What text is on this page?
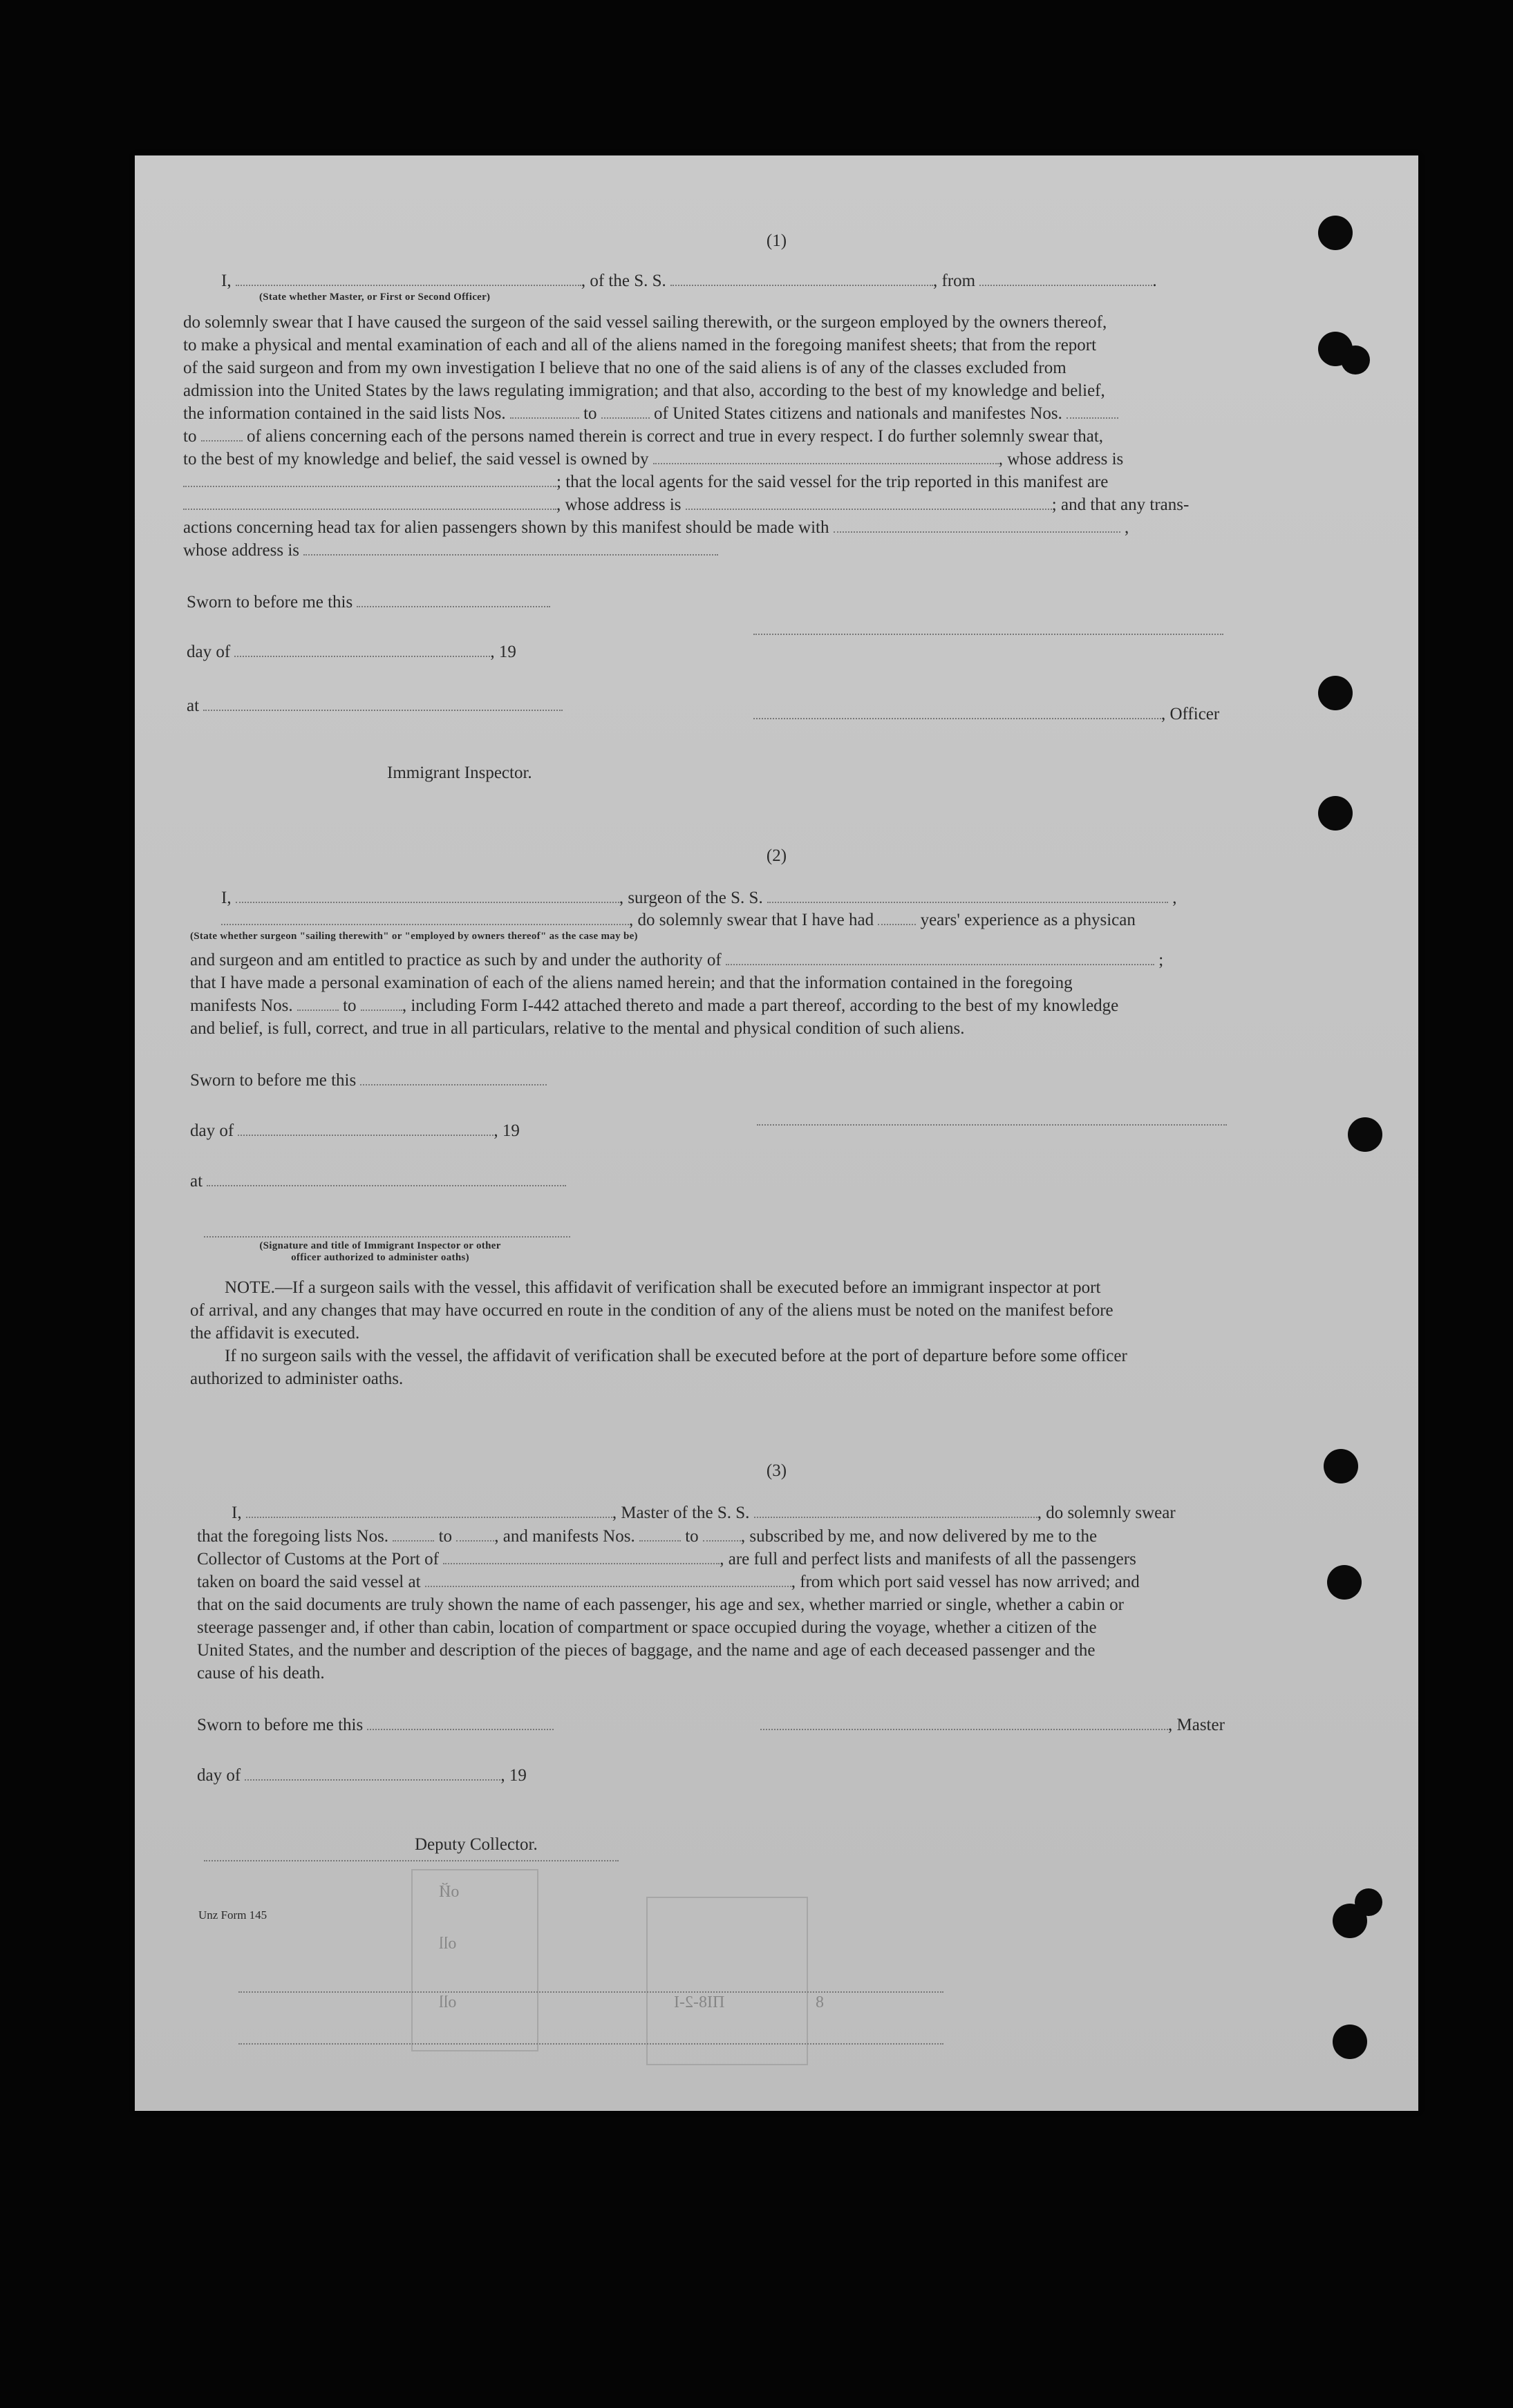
(1)
I,	, of the S. S.	, from	.
(State whether Master, or First or Second Officer)
do solemnly swear that I have caused the surgeon of the said vessel sailing therewith, or the surgeon employed by the owners thereof,
to make a physical and mental examination of each and all of the aliens named in the foregoing manifest sheets; that from the report
of the said surgeon and from my own investigation I believe that no one of the said aliens is of any of the classes excluded from
admission into the United States by the laws regulating immigration; and that also, according to the best of my knowledge and belief,
the information contained in the said lists Nos.	to	of United States citizens and nationals and manifestes Nos.
to	of aliens concerning each of the persons named therein is correct and true in every respect. I do further solemnly swear that,
to the best of my knowledge and belief, the said vessel is owned by	, whose address is
; that the local agents for the said vessel for the trip reported in this manifest are
, whose address is	; and that any trans-
actions concerning head tax for alien passengers shown by this manifest should be made with	,
whose address is
Sworn to before me this
day of	, 19
at	, Officer
Immigrant Inspector.
(2)
I,	, surgeon of the S. S.	,
, do solemnly swear that I have had	years' experience as a physican
(State whether surgeon "sailing therewith" or "employed by owners thereof" as the case may be)
and surgeon and am entitled to practice as such by and under the authority of	;
that I have made a personal examination of each of the aliens named herein; and that the information contained in the foregoing
manifests Nos.	to	, including Form I-442 attached thereto and made a part thereof, according to the best of my knowledge
and belief, is full, correct, and true in all particulars, relative to the mental and physical condition of such aliens.
Sworn to before me this
day of	, 19
at
(Signature and title of Immigrant Inspector or other
officer authorized to administer oaths)
NOTE.—If a surgeon sails with the vessel, this affidavit of verification shall be executed before an immigrant inspector at port
of arrival, and any changes that may have occurred en route in the condition of any of the aliens must be noted on the manifest before
the affidavit is executed.
If no surgeon sails with the vessel, the affidavit of verification shall be executed before at the port of departure before some officer
authorized to administer oaths.
(3)
I,	, Master of the S. S.	, do solemnly swear
that the foregoing lists Nos.	to , and manifests Nos.	to , subscribed by me, and now delivered by me to the
Collector of Customs at the Port of	, are full and perfect lists and manifests of all the passengers
taken on board the said vessel at	, from which port said vessel has now arrived; and
that on the said documents are truly shown the name of each passenger, his age and sex, whether married or single, whether a cabin or
steerage passenger and, if other than cabin, location of compartment or space occupied during the voyage, whether a citizen of the
United States, and the number and description of the pieces of baggage, and the name and age of each deceased passenger and the
cause of his death.
Sworn to before me this	, Master
day of	, 19
Deputy Collector.
Unz Form 145
oЙ
oll
oll	ПI8-2-I	8
